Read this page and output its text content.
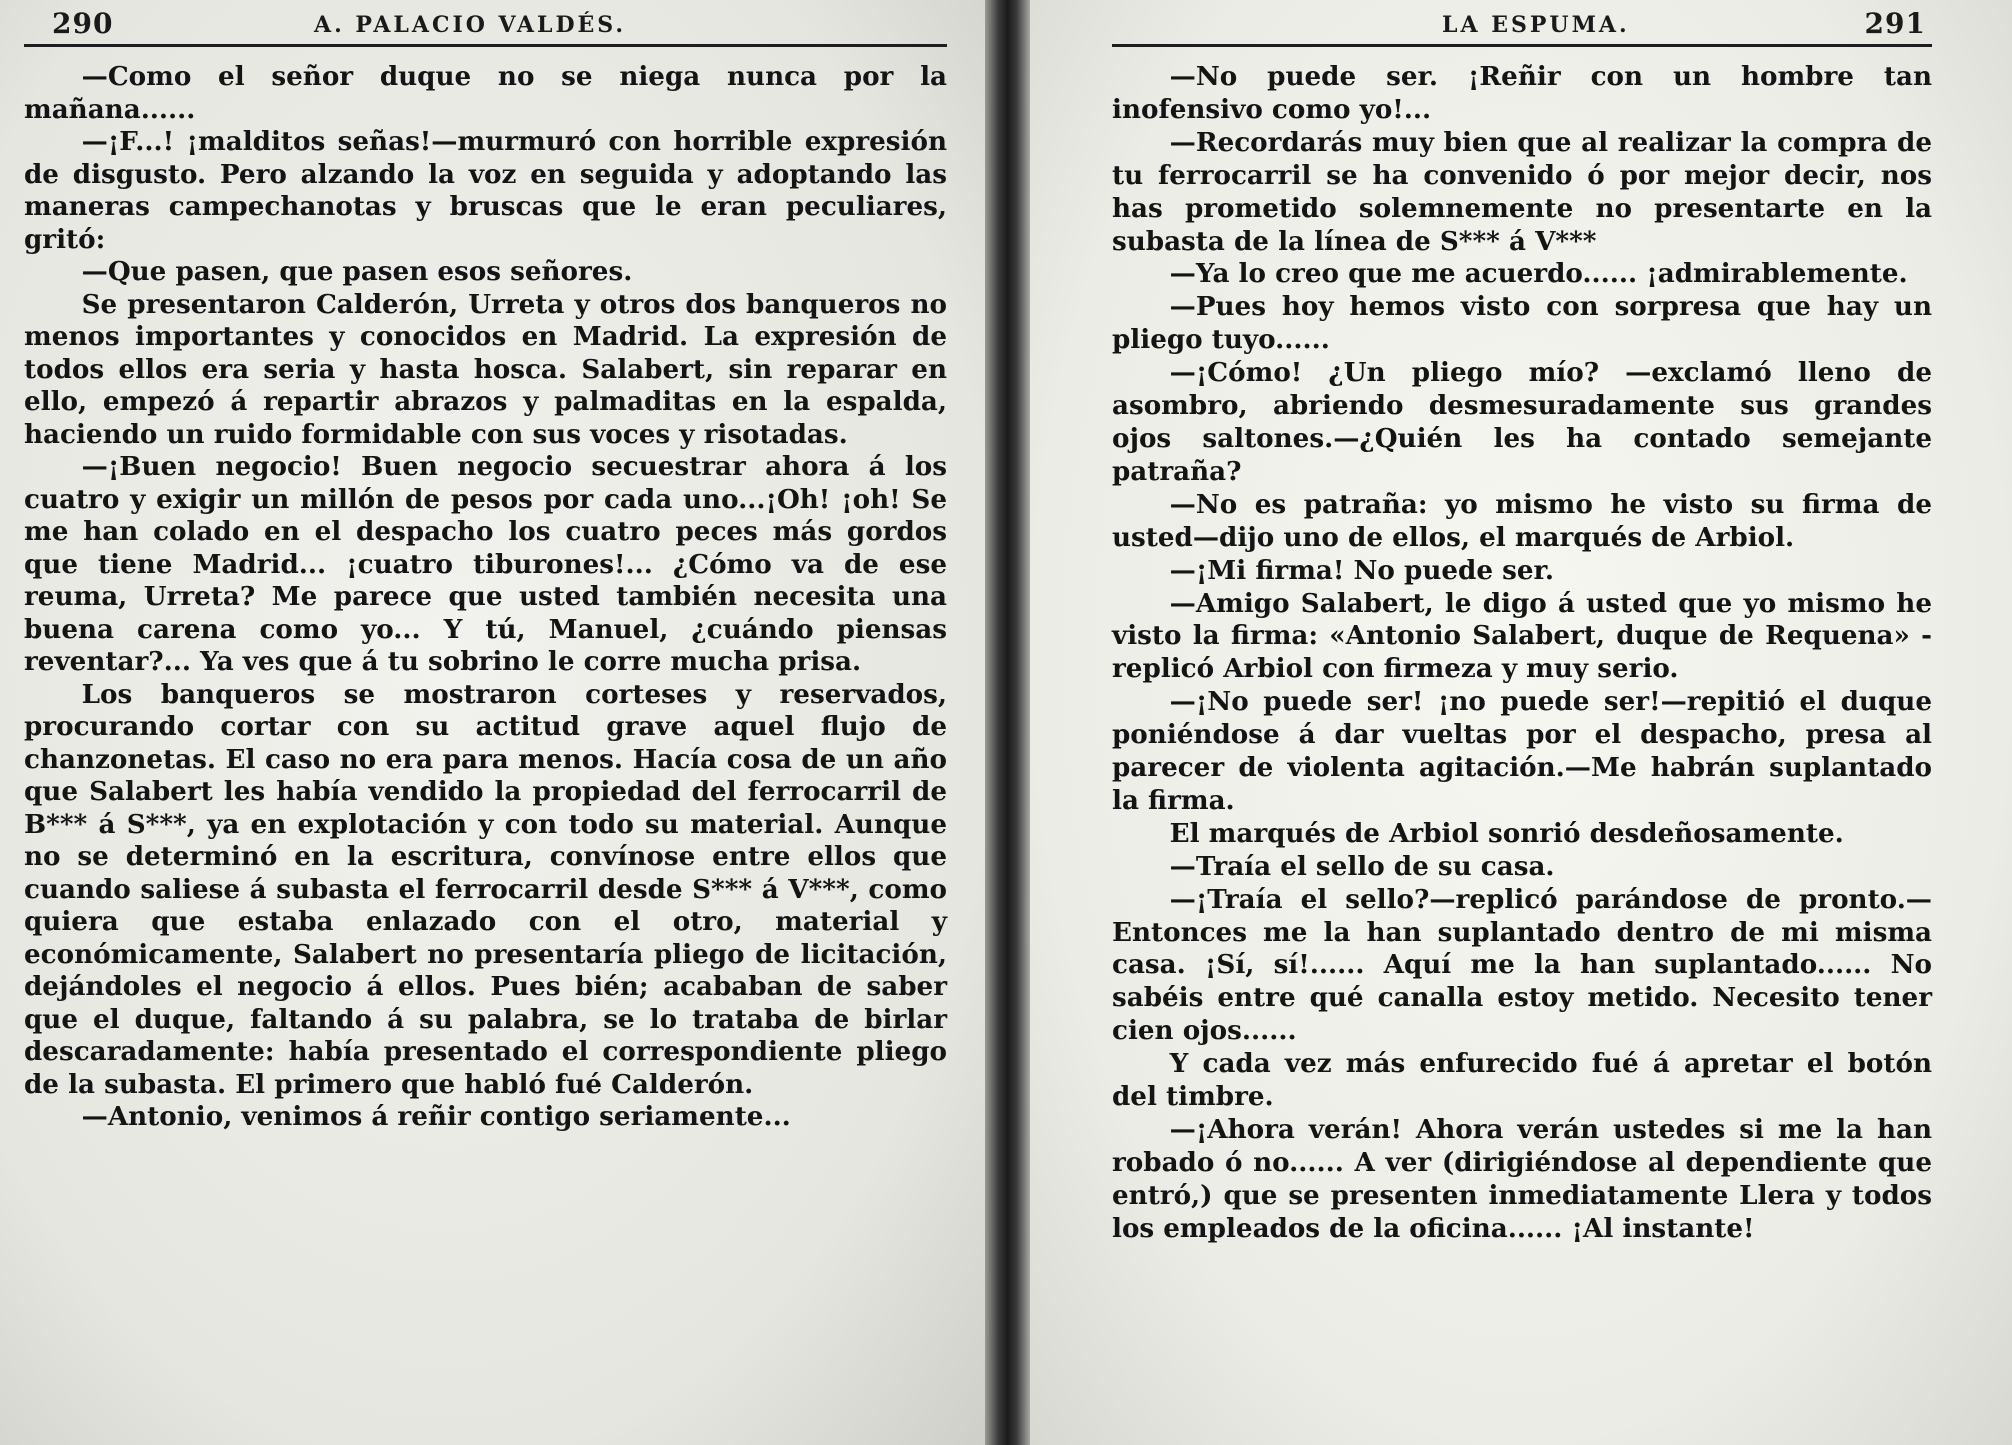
290	A. PALACIO VALDÉS.

—Como el señor duque no se niega nunca por la mañana......

—¡F...! ¡malditos señas!—murmuró con horrible expresión de disgusto. Pero alzando la voz en seguida y adoptando las maneras campechanotas y bruscas que le eran peculiares, gritó:

—Que pasen, que pasen esos señores.

Se presentaron Calderón, Urreta y otros dos banqueros no menos importantes y conocidos en Madrid. La expresión de todos ellos era seria y hasta hosca. Salabert, sin reparar en ello, empezó á repartir abrazos y palmaditas en la espalda, haciendo un ruido formidable con sus voces y risotadas.

—¡Buen negocio! Buen negocio secuestrar ahora á los cuatro y exigir un millón de pesos por cada uno...¡Oh! ¡oh! Se me han colado en el despacho los cuatro peces más gordos que tiene Madrid... ¡cuatro tiburones!... ¿Cómo va de ese reuma, Urreta? Me parece que usted también necesita una buena carena como yo... Y tú, Manuel, ¿cuándo piensas reventar?... Ya ves que á tu sobrino le corre mucha prisa.

Los banqueros se mostraron corteses y reservados, procurando cortar con su actitud grave aquel flujo de chanzonetas. El caso no era para menos. Hacía cosa de un año que Salabert les había vendido la propiedad del ferrocarril de B*** á S***, ya en explotación y con todo su material. Aunque no se determinó en la escritura, convínose entre ellos que cuando saliese á subasta el ferrocarril desde S*** á V***, como quiera que estaba enlazado con el otro, material y económicamente, Salabert no presentaría pliego de licitación, dejándoles el negocio á ellos. Pues bién; acababan de saber que el duque, faltando á su palabra, se lo trataba de birlar descaradamente: había presentado el correspondiente pliego de la subasta. El primero que habló fué Calderón.

—Antonio, venimos á reñir contigo seriamente...

LA ESPUMA.	291

—No puede ser. ¡Reñir con un hombre tan inofensivo como yo!...

—Recordarás muy bien que al realizar la compra de tu ferrocarril se ha convenido ó por mejor decir, nos has prometido solemnemente no presentarte en la subasta de la línea de S*** á V***

—Ya lo creo que me acuerdo...... ¡admirablemente.

—Pues hoy hemos visto con sorpresa que hay un pliego tuyo......

—¡Cómo! ¿Un pliego mío? —exclamó lleno de asombro, abriendo desmesuradamente sus grandes ojos saltones.—¿Quién les ha contado semejante patraña?

—No es patraña: yo mismo he visto su firma de usted—dijo uno de ellos, el marqués de Arbiol.

—¡Mi firma! No puede ser.

—Amigo Salabert, le digo á usted que yo mismo he visto la firma: «Antonio Salabert, duque de Requena» - replicó Arbiol con firmeza y muy serio.

—¡No puede ser! ¡no puede ser!—repitió el duque poniéndose á dar vueltas por el despacho, presa al parecer de violenta agitación.—Me habrán suplantado la firma.

El marqués de Arbiol sonrió desdeñosamente.

—Traía el sello de su casa.

—¡Traía el sello?—replicó parándose de pronto.—Entonces me la han suplantado dentro de mi misma casa. ¡Sí, sí!...... Aquí me la han suplantado...... No sabéis entre qué canalla estoy metido. Necesito tener cien ojos......

Y cada vez más enfurecido fué á apretar el botón del timbre.

—¡Ahora verán! Ahora verán ustedes si me la han robado ó no...... A ver (dirigiéndose al dependiente que entró,) que se presenten inmediatamente Llera y todos los empleados de la oficina...... ¡Al instante!
